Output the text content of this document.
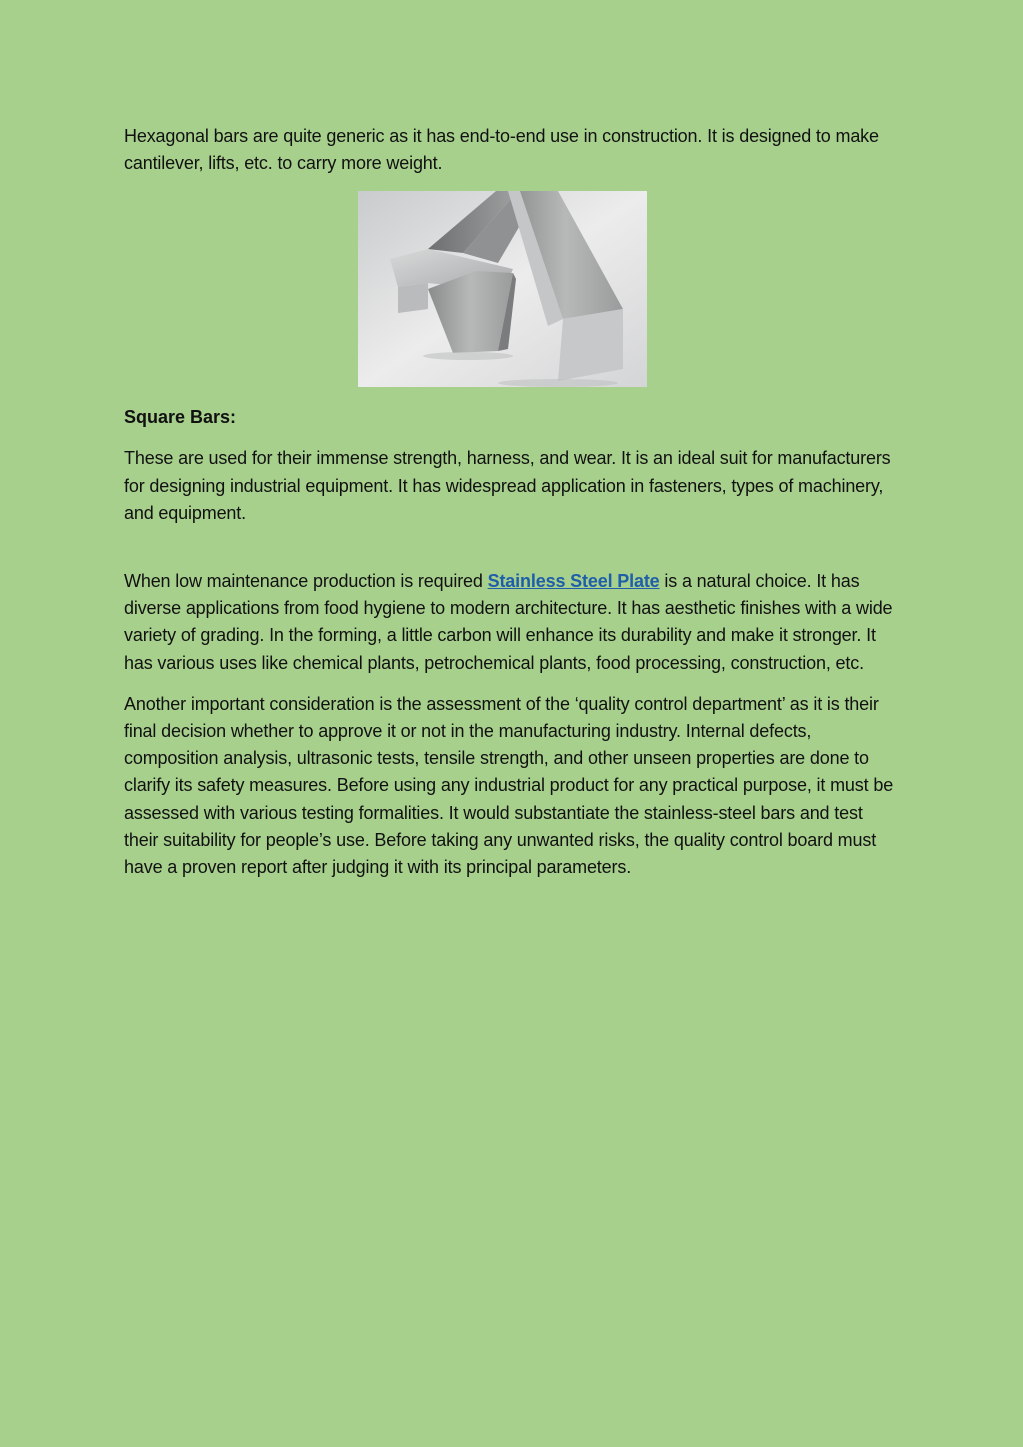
Hexagonal bars are quite generic as it has end-to-end use in construction. It is designed to make cantilever, lifts, etc. to carry more weight.

Square Bars:

These are used for their immense strength, harness, and wear. It is an ideal suit for manufacturers for designing industrial equipment. It has widespread application in fasteners, types of machinery, and equipment.

When low maintenance production is required Stainless Steel Plate is a natural choice. It has diverse applications from food hygiene to modern architecture. It has aesthetic finishes with a wide variety of grading. In the forming, a little carbon will enhance its durability and make it stronger. It has various uses like chemical plants, petrochemical plants, food processing, construction, etc.

Another important consideration is the assessment of the ‘quality control department’ as it is their final decision whether to approve it or not in the manufacturing industry. Internal defects, composition analysis, ultrasonic tests, tensile strength, and other unseen properties are done to clarify its safety measures. Before using any industrial product for any practical purpose, it must be assessed with various testing formalities. It would substantiate the stainless-steel bars and test their suitability for people’s use. Before taking any unwanted risks, the quality control board must have a proven report after judging it with its principal parameters.
